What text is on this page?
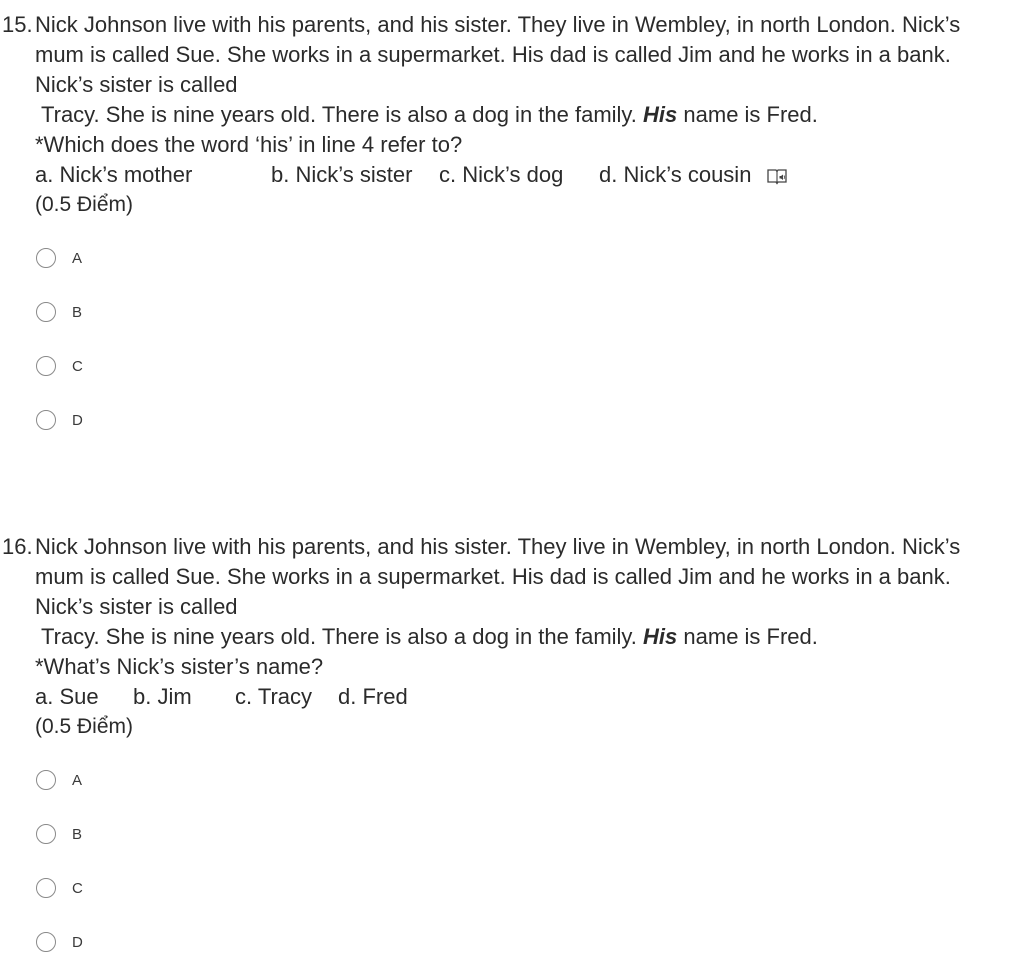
15. Nick Johnson live with his parents, and his sister. They live in Wembley, in north London. Nick’s
mum is called Sue. She works in a supermarket. His dad is called Jim and he works in a bank.
Nick’s sister is called
Tracy. She is nine years old. There is also a dog in the family. His name is Fred.
*Which does the word ‘his’ in line 4 refer to?
a. Nick’s mother	b. Nick’s sister	c. Nick’s dog	d. Nick’s cousin
(0.5 Điểm)
A
B
C
D
16. Nick Johnson live with his parents, and his sister. They live in Wembley, in north London. Nick’s
mum is called Sue. She works in a supermarket. His dad is called Jim and he works in a bank.
Nick’s sister is called
Tracy. She is nine years old. There is also a dog in the family. His name is Fred.
*What’s Nick’s sister’s name?
a. Sue	b. Jim	c. Tracy	d. Fred
(0.5 Điểm)
A
B
C
D
